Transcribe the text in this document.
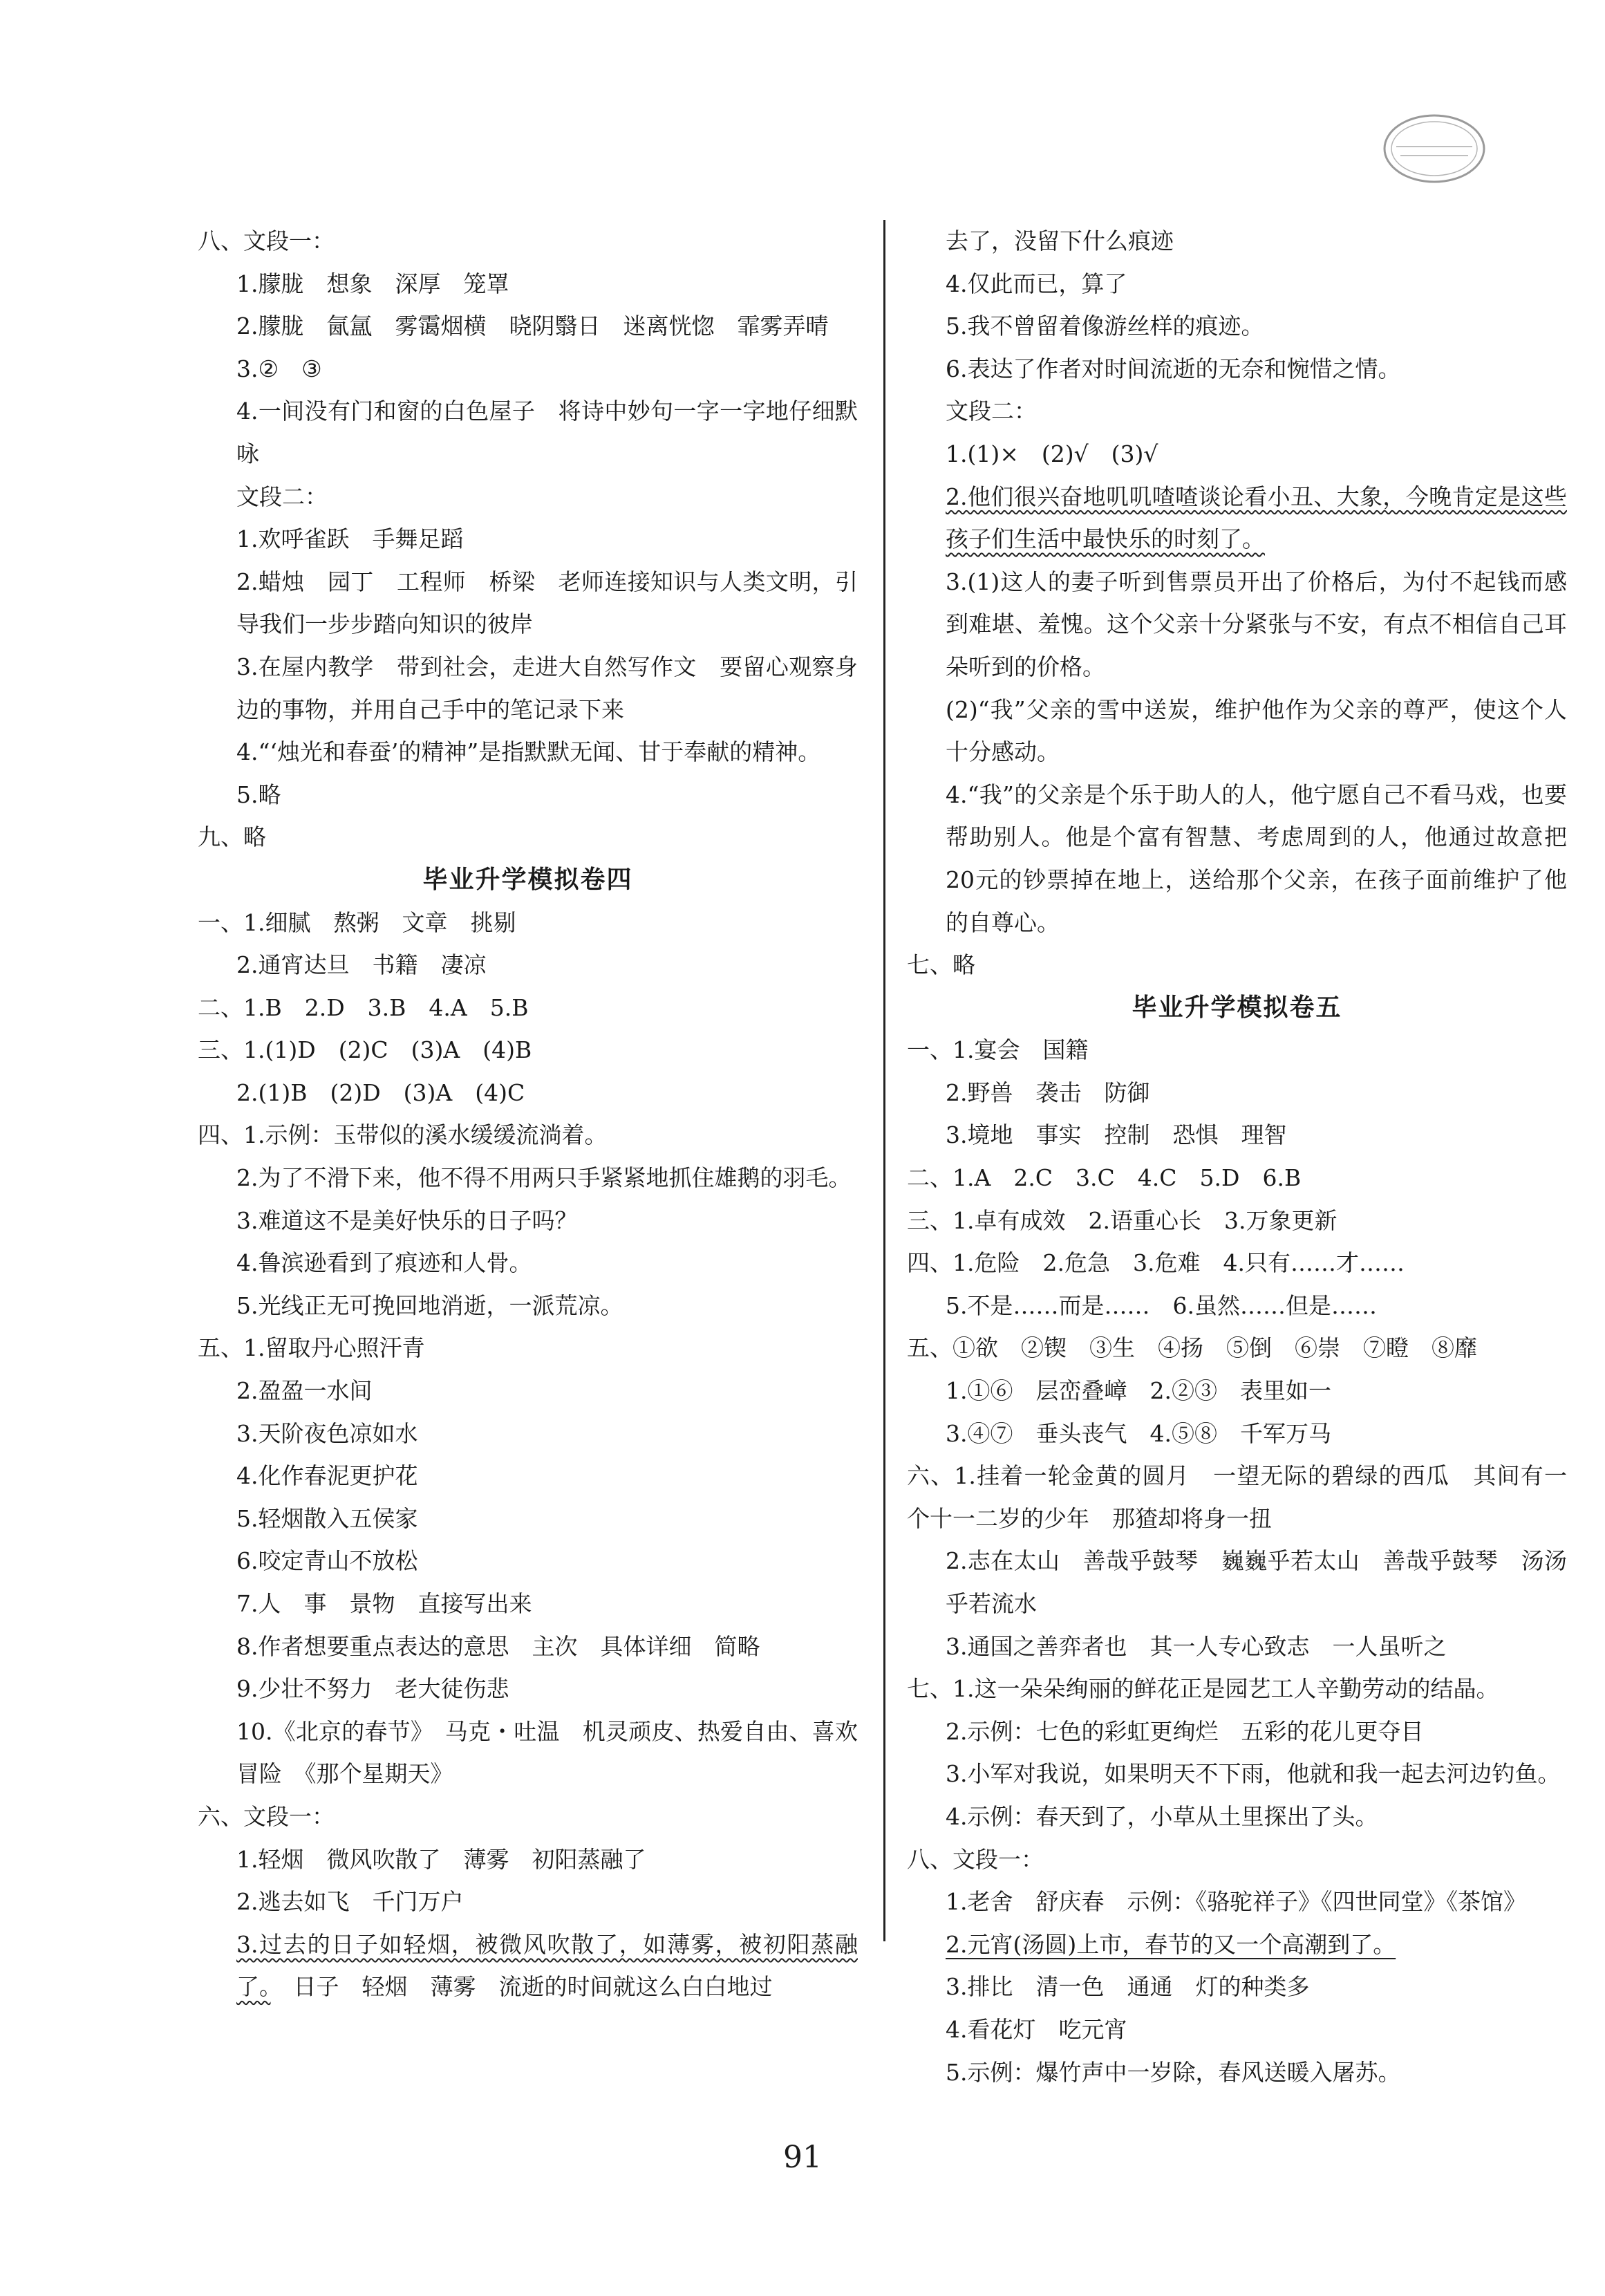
八、文段一：

1.朦胧　想象　深厚　笼罩

2.朦胧　氤氲　雾霭烟横　晓阴翳日　迷离恍惚　霏雾弄晴

3.②　③

4.一间没有门和窗的白色屋子　将诗中妙句一字一字地仔细默咏

文段二：

1.欢呼雀跃　手舞足蹈

2.蜡烛　园丁　工程师　桥梁　老师连接知识与人类文明，引导我们一步步踏向知识的彼岸

3.在屋内教学　带到社会，走进大自然写作文　要留心观察身边的事物，并用自己手中的笔记录下来

4.“‘烛光和春蚕’的精神”是指默默无闻、甘于奉献的精神。

5.略

九、略

毕业升学模拟卷四

一、1.细腻　熬粥　文章　挑剔

2.通宵达旦　书籍　凄凉

二、1.B　2.D　3.B　4.A　5.B

三、1.(1)D　(2)C　(3)A　(4)B

2.(1)B　(2)D　(3)A　(4)C

四、1.示例：玉带似的溪水缓缓流淌着。

2.为了不滑下来，他不得不用两只手紧紧地抓住雄鹅的羽毛。

3.难道这不是美好快乐的日子吗？

4.鲁滨逊看到了痕迹和人骨。

5.光线正无可挽回地消逝，一派荒凉。

五、1.留取丹心照汗青

2.盈盈一水间

3.天阶夜色凉如水

4.化作春泥更护花

5.轻烟散入五侯家

6.咬定青山不放松

7.人　事　景物　直接写出来

8.作者想要重点表达的意思　主次　具体详细　简略

9.少壮不努力　老大徒伤悲

10.《北京的春节》　马克・吐温　机灵顽皮、热爱自由、喜欢冒险　《那个星期天》

六、文段一：

1.轻烟　微风吹散了　薄雾　初阳蒸融了

2.逃去如飞　千门万户

3.过去的日子如轻烟，被微风吹散了，如薄雾，被初阳蒸融了。　日子　轻烟　薄雾　流逝的时间就这么白白地过

去了，没留下什么痕迹

4.仅此而已，算了

5.我不曾留着像游丝样的痕迹。

6.表达了作者对时间流逝的无奈和惋惜之情。

文段二：

1.(1)×　(2)√　(3)√

2.他们很兴奋地叽叽喳喳谈论看小丑、大象，今晚肯定是这些孩子们生活中最快乐的时刻了。

3.(1)这人的妻子听到售票员开出了价格后，为付不起钱而感到难堪、羞愧。这个父亲十分紧张与不安，有点不相信自己耳朵听到的价格。

(2)“我”父亲的雪中送炭，维护他作为父亲的尊严，使这个人十分感动。

4.“我”的父亲是个乐于助人的人，他宁愿自己不看马戏，也要帮助别人。他是个富有智慧、考虑周到的人，他通过故意把20元的钞票掉在地上，送给那个父亲，在孩子面前维护了他的自尊心。

七、略

毕业升学模拟卷五

一、1.宴会　国籍

2.野兽　袭击　防御

3.境地　事实　控制　恐惧　理智

二、1.A　2.C　3.C　4.C　5.D　6.B

三、1.卓有成效　2.语重心长　3.万象更新

四、1.危险　2.危急　3.危难　4.只有……才……

5.不是……而是……　6.虽然……但是……

五、①欲　②锲　③生　④扬　⑤倒　⑥崇　⑦瞪　⑧靡

1.①⑥　层峦叠嶂　2.②③　表里如一

3.④⑦　垂头丧气　4.⑤⑧　千军万马

六、1.挂着一轮金黄的圆月　一望无际的碧绿的西瓜　其间有一个十一二岁的少年　那猹却将身一扭

2.志在太山　善哉乎鼓琴　巍巍乎若太山　善哉乎鼓琴　汤汤乎若流水

3.通国之善弈者也　其一人专心致志　一人虽听之

七、1.这一朵朵绚丽的鲜花正是园艺工人辛勤劳动的结晶。

2.示例：七色的彩虹更绚烂　五彩的花儿更夺目

3.小军对我说，如果明天不下雨，他就和我一起去河边钓鱼。

4.示例：春天到了，小草从土里探出了头。

八、文段一：

1.老舍　舒庆春　示例：《骆驼祥子》《四世同堂》《茶馆》

2.元宵(汤圆)上市，春节的又一个高潮到了。

3.排比　清一色　通通　灯的种类多

4.看花灯　吃元宵

5.示例：爆竹声中一岁除，春风送暖入屠苏。

91
